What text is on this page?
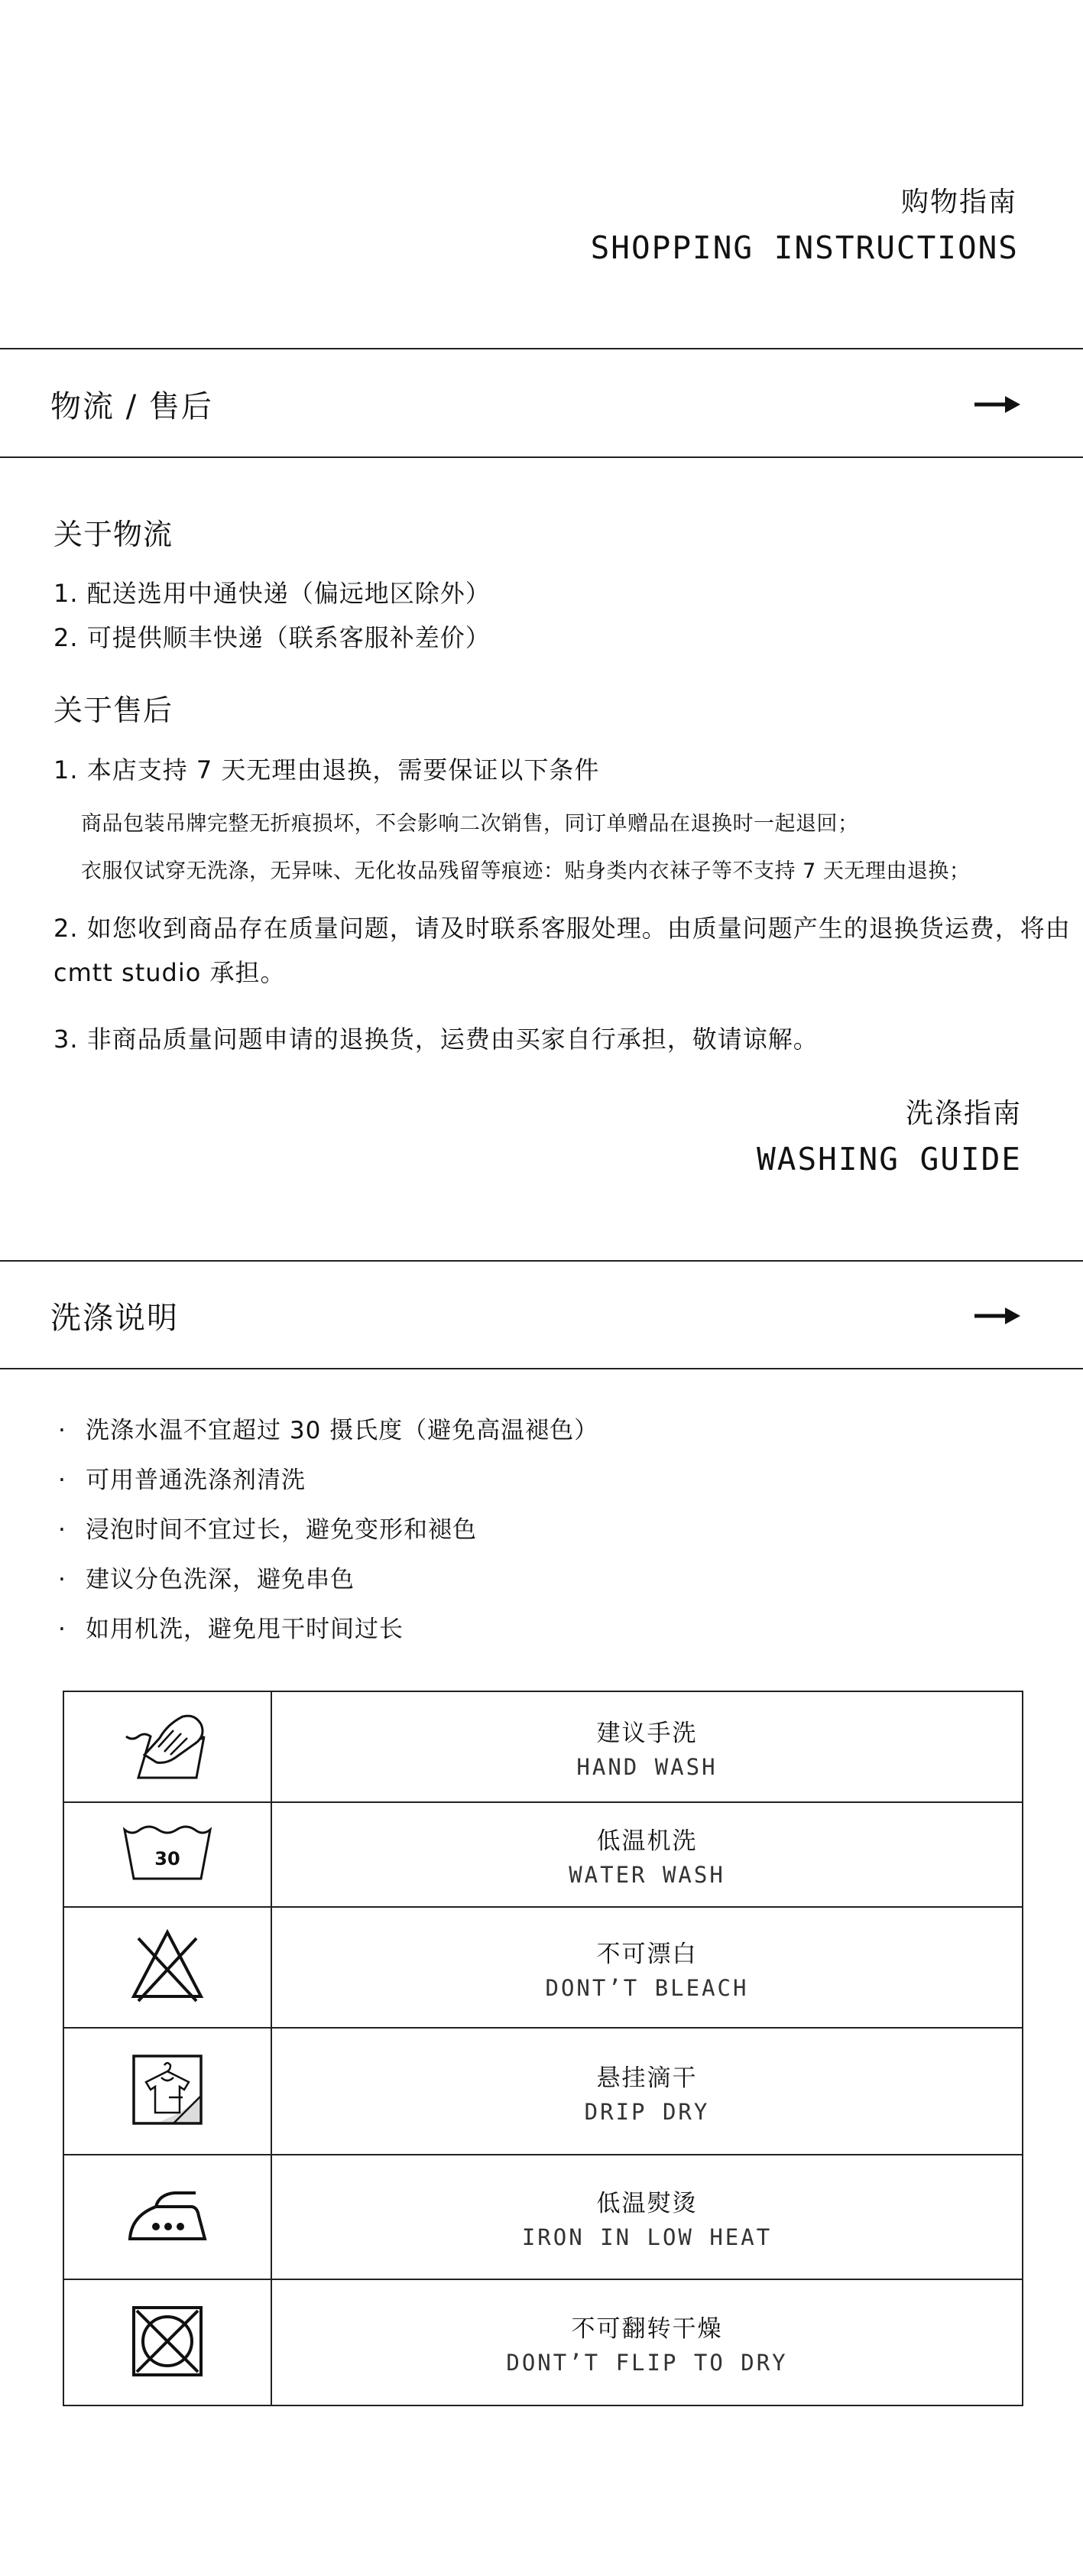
购物指南
SHOPPING INSTRUCTIONS
物流 / 售后
关于物流
1. 配送选用中通快递（偏远地区除外）
2. 可提供顺丰快递（联系客服补差价）
关于售后
1. 本店支持 7 天无理由退换，需要保证以下条件
商品包装吊牌完整无折痕损坏，不会影响二次销售，同订单赠品在退换时一起退回；
衣服仅试穿无洗涤，无异味、无化妆品残留等痕迹：贴身类内衣袜子等不支持 7 天无理由退换；
2. 如您收到商品存在质量问题，请及时联系客服处理。由质量问题产生的退换货运费，将由
cmtt studio 承担。
3. 非商品质量问题申请的退换货，运费由买家自行承担，敬请谅解。
洗涤指南
WASHING GUIDE
洗涤说明
· 洗涤水温不宜超过 30 摄氏度（避免高温褪色）
· 可用普通洗涤剂清洗
· 浸泡时间不宜过长，避免变形和褪色
· 建议分色洗深，避免串色
· 如用机洗，避免甩干时间过长

建议手洗
HAND WASH

30	低温机洗
WATER WASH

不可漂白
DONT’T BLEACH

悬挂滴干
DRIP DRY

低温熨烫
IRON IN LOW HEAT

不可翻转干燥
DONT’T FLIP TO DRY
